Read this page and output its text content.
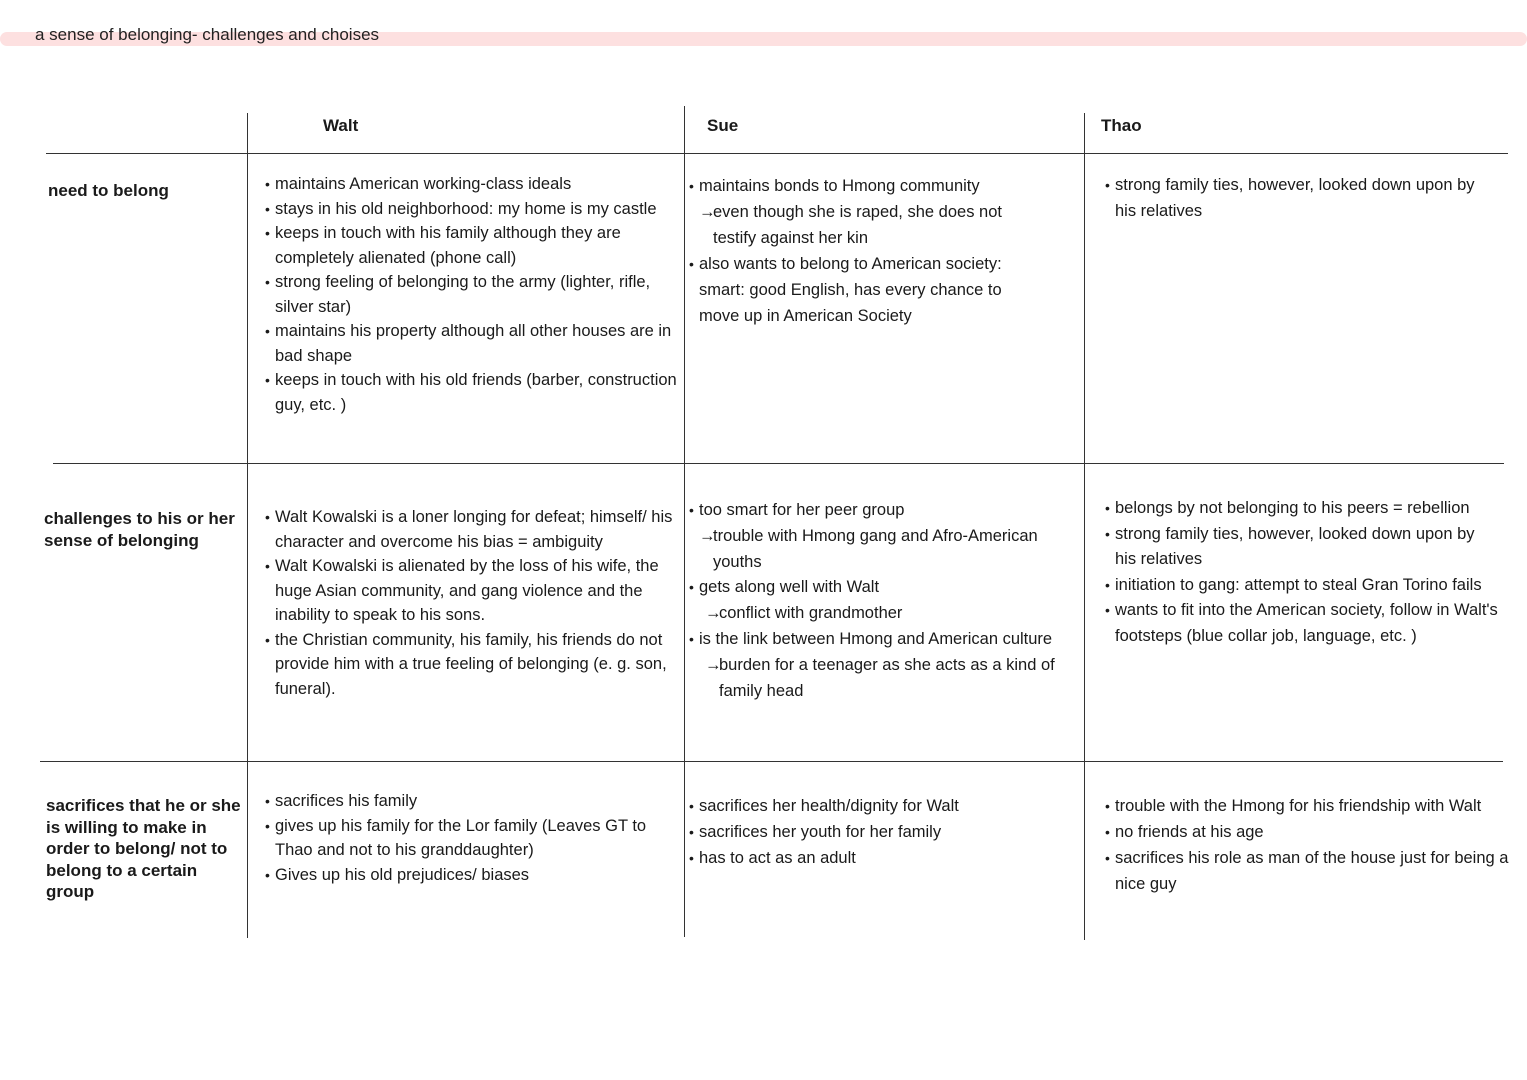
a sense of belonging- challenges and choises
Walt	Sue	Thao
need to belong
challenges to his or her sense of belonging
sacrifices that he or she is willing to make in order to belong/ not to belong to a certain group
• maintains American working-class ideals
• stays in his old neighborhood: my home is my castle
• keeps in touch with his family although they are completely alienated (phone call)
• strong feeling of belonging to the army (lighter, rifle, silver star)
• maintains his property although all other houses are in bad shape
• keeps in touch with his old friends (barber, construction guy, etc. )
• maintains bonds to Hmong community
→even though she is raped, she does not testify against her kin
• also wants to belong to American society: smart: good English, has every chance to move up in American Society
• strong family ties, however, looked down upon by his relatives
• Walt Kowalski is a loner longing for defeat; himself/ his character and overcome his bias = ambiguity
• Walt Kowalski is alienated by the loss of his wife, the huge Asian community, and gang violence and the inability to speak to his sons.
• the Christian community, his family, his friends do not provide him with a true feeling of belonging (e. g. son, funeral).
• too smart for her peer group
→trouble with Hmong gang and Afro-American youths
• gets along well with Walt
→conflict with grandmother
• is the link between Hmong and American culture
→burden for a teenager as she acts as a kind of family head
• belongs by not belonging to his peers = rebellion
• strong family ties, however, looked down upon by his relatives
• initiation to gang: attempt to steal Gran Torino fails
• wants to fit into the American society, follow in Walt's footsteps (blue collar job, language, etc. )
• sacrifices his family
• gives up his family for the Lor family (Leaves GT to Thao and not to his granddaughter)
• Gives up his old prejudices/ biases
• sacrifices her health/dignity for Walt
• sacrifices her youth for her family
• has to act as an adult
• trouble with the Hmong for his friendship with Walt
• no friends at his age
• sacrifices his role as man of the house just for being a nice guy
